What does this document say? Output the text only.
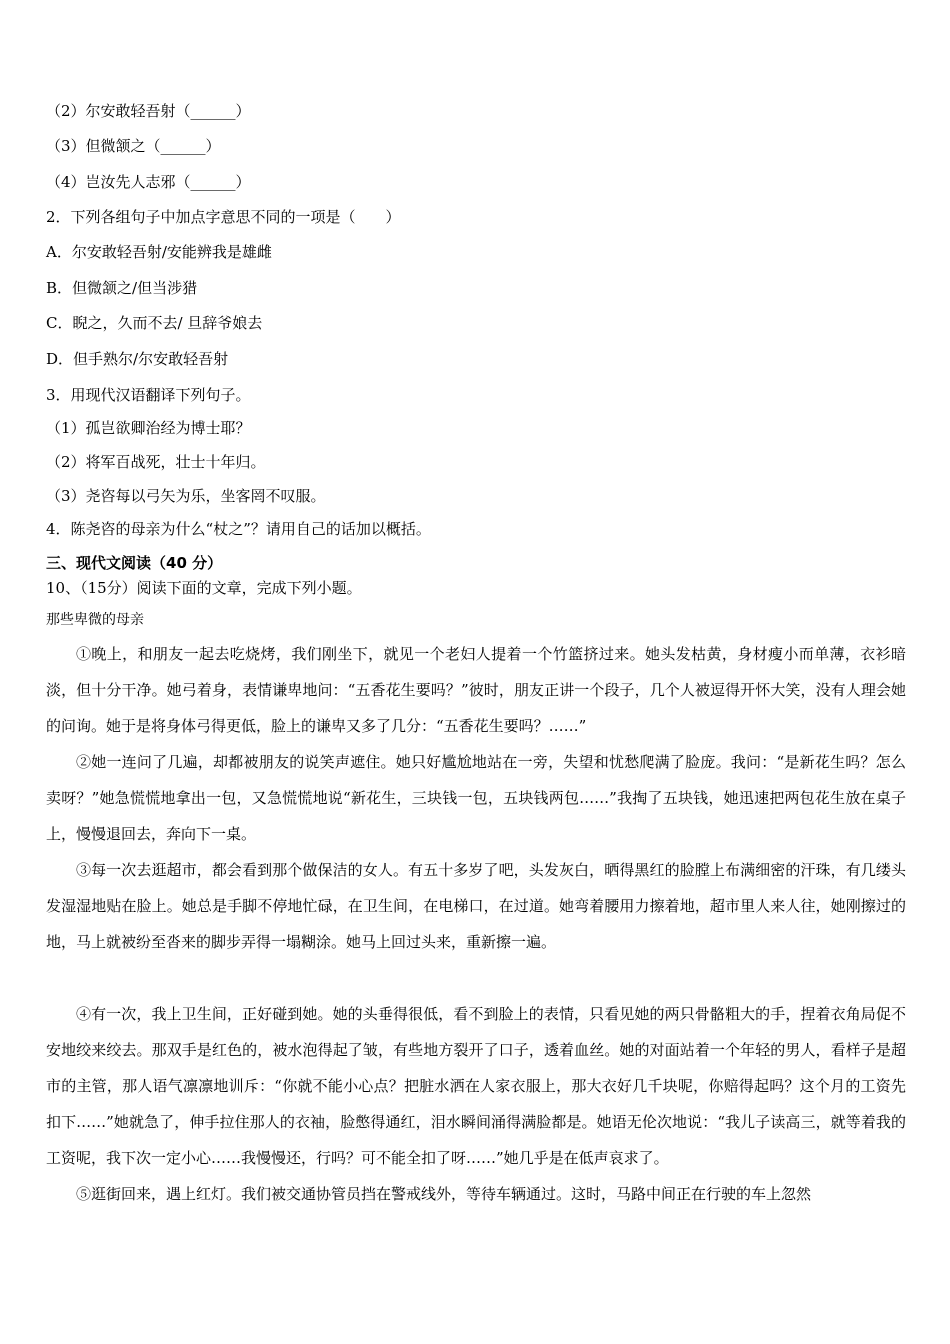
（2）尔安敢轻吾射（______）
（3）但微颔之（______）
（4）岂汝先人志邪（______）
2．下列各组句子中加点字意思不同的一项是（　　）
A．尔安敢轻吾射/安能辨我是雄雌
B．但微颔之/但当涉猎
C．睨之，久而不去/ 旦辞爷娘去
D．但手熟尔/尔安敢轻吾射
3．用现代汉语翻译下列句子。
（1）孤岂欲卿治经为博士耶？
（2）将军百战死，壮士十年归。
（3）尧咨每以弓矢为乐，坐客罔不叹服。
4．陈尧咨的母亲为什么“杖之”？请用自己的话加以概括。
三、现代文阅读（40 分）
10、（15分）阅读下面的文章，完成下列小题。
那些卑微的母亲

①晚上，和朋友一起去吃烧烤，我们刚坐下，就见一个老妇人提着一个竹篮挤过来。她头发枯黄，身材瘦小而单薄，衣衫暗淡，但十分干净。她弓着身，表情谦卑地问：“五香花生要吗？”彼时，朋友正讲一个段子，几个人被逗得开怀大笑，没有人理会她的问询。她于是将身体弓得更低，脸上的谦卑又多了几分：“五香花生要吗？……”

②她一连问了几遍，却都被朋友的说笑声遮住。她只好尴尬地站在一旁，失望和忧愁爬满了脸庞。我问：“是新花生吗？怎么卖呀？”她急慌慌地拿出一包，又急慌慌地说“新花生，三块钱一包，五块钱两包……”我掏了五块钱，她迅速把两包花生放在桌子上，慢慢退回去，奔向下一桌。

③每一次去逛超市，都会看到那个做保洁的女人。有五十多岁了吧，头发灰白，晒得黑红的脸膛上布满细密的汗珠，有几缕头发湿湿地贴在脸上。她总是手脚不停地忙碌，在卫生间，在电梯口，在过道。她弯着腰用力擦着地，超市里人来人往，她刚擦过的地，马上就被纷至沓来的脚步弄得一塌糊涂。她马上回过头来，重新擦一遍。

④有一次，我上卫生间，正好碰到她。她的头垂得很低，看不到脸上的表情，只看见她的两只骨骼粗大的手，捏着衣角局促不安地绞来绞去。那双手是红色的，被水泡得起了皱，有些地方裂开了口子，透着血丝。她的对面站着一个年轻的男人，看样子是超市的主管，那人语气凛凛地训斥：“你就不能小心点？把脏水洒在人家衣服上，那大衣好几千块呢，你赔得起吗？这个月的工资先扣下……”她就急了，伸手拉住那人的衣袖，脸憋得通红，泪水瞬间涌得满脸都是。她语无伦次地说：“我儿子读高三，就等着我的工资呢，我下次一定小心……我慢慢还，行吗？可不能全扣了呀……”她几乎是在低声哀求了。

⑤逛街回来，遇上红灯。我们被交通协管员挡在警戒线外，等待车辆通过。这时，马路中间正在行驶的车上忽然
